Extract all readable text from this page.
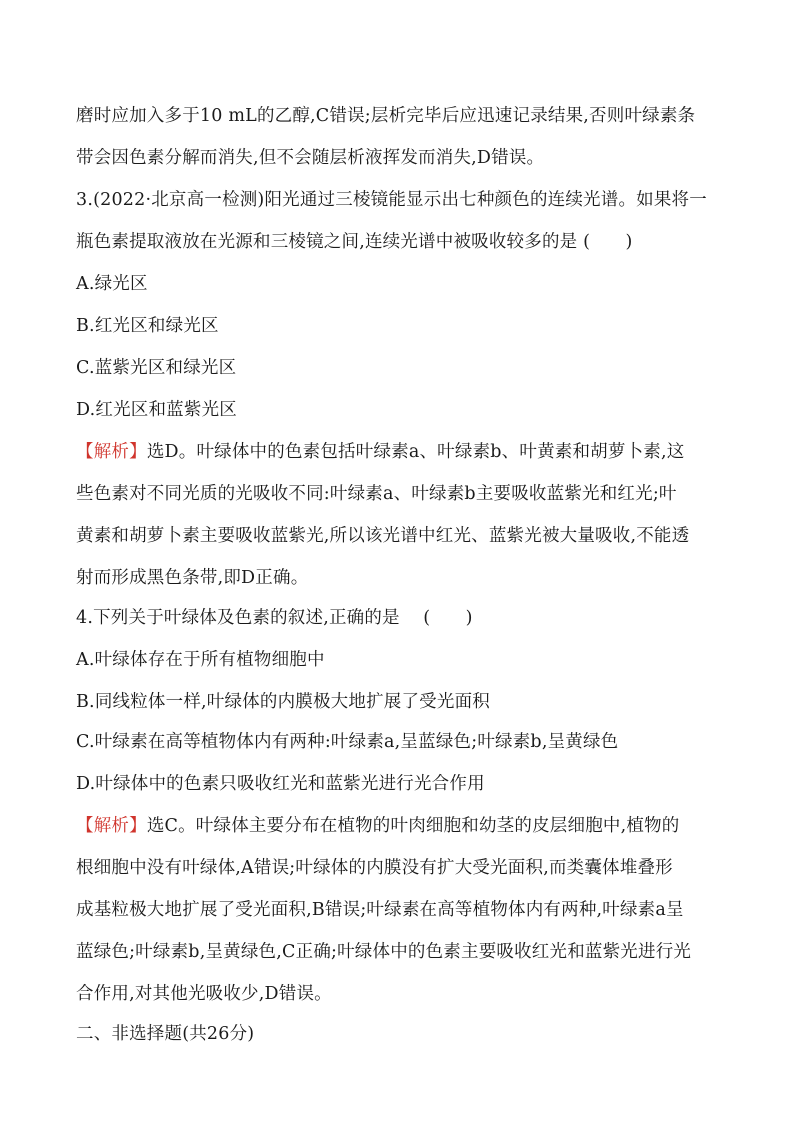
磨时应加入多于10 mL的乙醇,C错误;层析完毕后应迅速记录结果,否则叶绿素条
带会因色素分解而消失,但不会随层析液挥发而消失,D错误。
3.(2022·北京高一检测)阳光通过三棱镜能显示出七种颜色的连续光谱。如果将一
瓶色素提取液放在光源和三棱镜之间,连续光谱中被吸收较多的是 (　　)
A.绿光区
B.红光区和绿光区
C.蓝紫光区和绿光区
D.红光区和蓝紫光区
【解析】选D。叶绿体中的色素包括叶绿素a、叶绿素b、叶黄素和胡萝卜素,这
些色素对不同光质的光吸收不同:叶绿素a、叶绿素b主要吸收蓝紫光和红光;叶
黄素和胡萝卜素主要吸收蓝紫光,所以该光谱中红光、蓝紫光被大量吸收,不能透
射而形成黑色条带,即D正确。
4.下列关于叶绿体及色素的叙述,正确的是　 (　　)
A.叶绿体存在于所有植物细胞中
B.同线粒体一样,叶绿体的内膜极大地扩展了受光面积
C.叶绿素在高等植物体内有两种:叶绿素a,呈蓝绿色;叶绿素b,呈黄绿色
D.叶绿体中的色素只吸收红光和蓝紫光进行光合作用
【解析】选C。叶绿体主要分布在植物的叶肉细胞和幼茎的皮层细胞中,植物的
根细胞中没有叶绿体,A错误;叶绿体的内膜没有扩大受光面积,而类囊体堆叠形
成基粒极大地扩展了受光面积,B错误;叶绿素在高等植物体内有两种,叶绿素a呈
蓝绿色;叶绿素b,呈黄绿色,C正确;叶绿体中的色素主要吸收红光和蓝紫光进行光
合作用,对其他光吸收少,D错误。
二、非选择题(共26分)
